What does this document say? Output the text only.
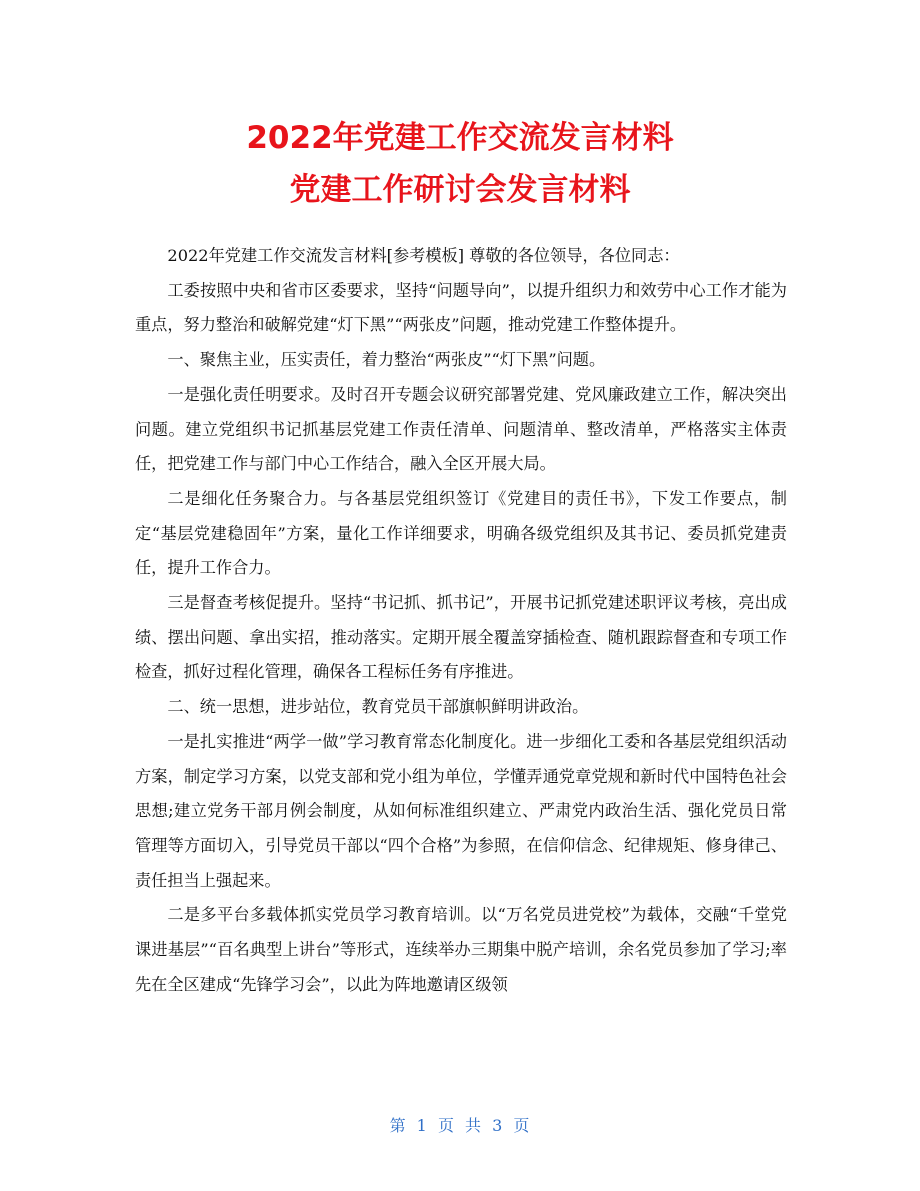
2022年党建工作交流发言材料
党建工作研讨会发言材料

2022年党建工作交流发言材料[参考模板] 尊敬的各位领导，各位同志：

工委按照中央和省市区委要求，坚持“问题导向”，以提升组织力和效劳中心工作才能为重点，努力整治和破解党建“灯下黑”“两张皮”问题，推动党建工作整体提升。

一、聚焦主业，压实责任，着力整治“两张皮”“灯下黑”问题。

一是强化责任明要求。及时召开专题会议研究部署党建、党风廉政建立工作，解决突出问题。建立党组织书记抓基层党建工作责任清单、问题清单、整改清单，严格落实主体责任，把党建工作与部门中心工作结合，融入全区开展大局。

二是细化任务聚合力。与各基层党组织签订《党建目的责任书》，下发工作要点，制定“基层党建稳固年”方案，量化工作详细要求，明确各级党组织及其书记、委员抓党建责任，提升工作合力。

三是督查考核促提升。坚持“书记抓、抓书记”，开展书记抓党建述职评议考核，亮出成绩、摆出问题、拿出实招，推动落实。定期开展全覆盖穿插检查、随机跟踪督查和专项工作检查，抓好过程化管理，确保各工程标任务有序推进。

二、统一思想，进步站位，教育党员干部旗帜鲜明讲政治。

一是扎实推进“两学一做”学习教育常态化制度化。进一步细化工委和各基层党组织活动方案，制定学习方案，以党支部和党小组为单位，学懂弄通党章党规和新时代中国特色社会思想;建立党务干部月例会制度，从如何标准组织建立、严肃党内政治生活、强化党员日常管理等方面切入，引导党员干部以“四个合格”为参照，在信仰信念、纪律规矩、修身律己、责任担当上强起来。

二是多平台多载体抓实党员学习教育培训。以“万名党员进党校”为载体，交融“千堂党课进基层”“百名典型上讲台”等形式，连续举办三期集中脱产培训，余名党员参加了学习;率先在全区建成“先锋学习会”，以此为阵地邀请区级领

第 1 页 共 3 页
